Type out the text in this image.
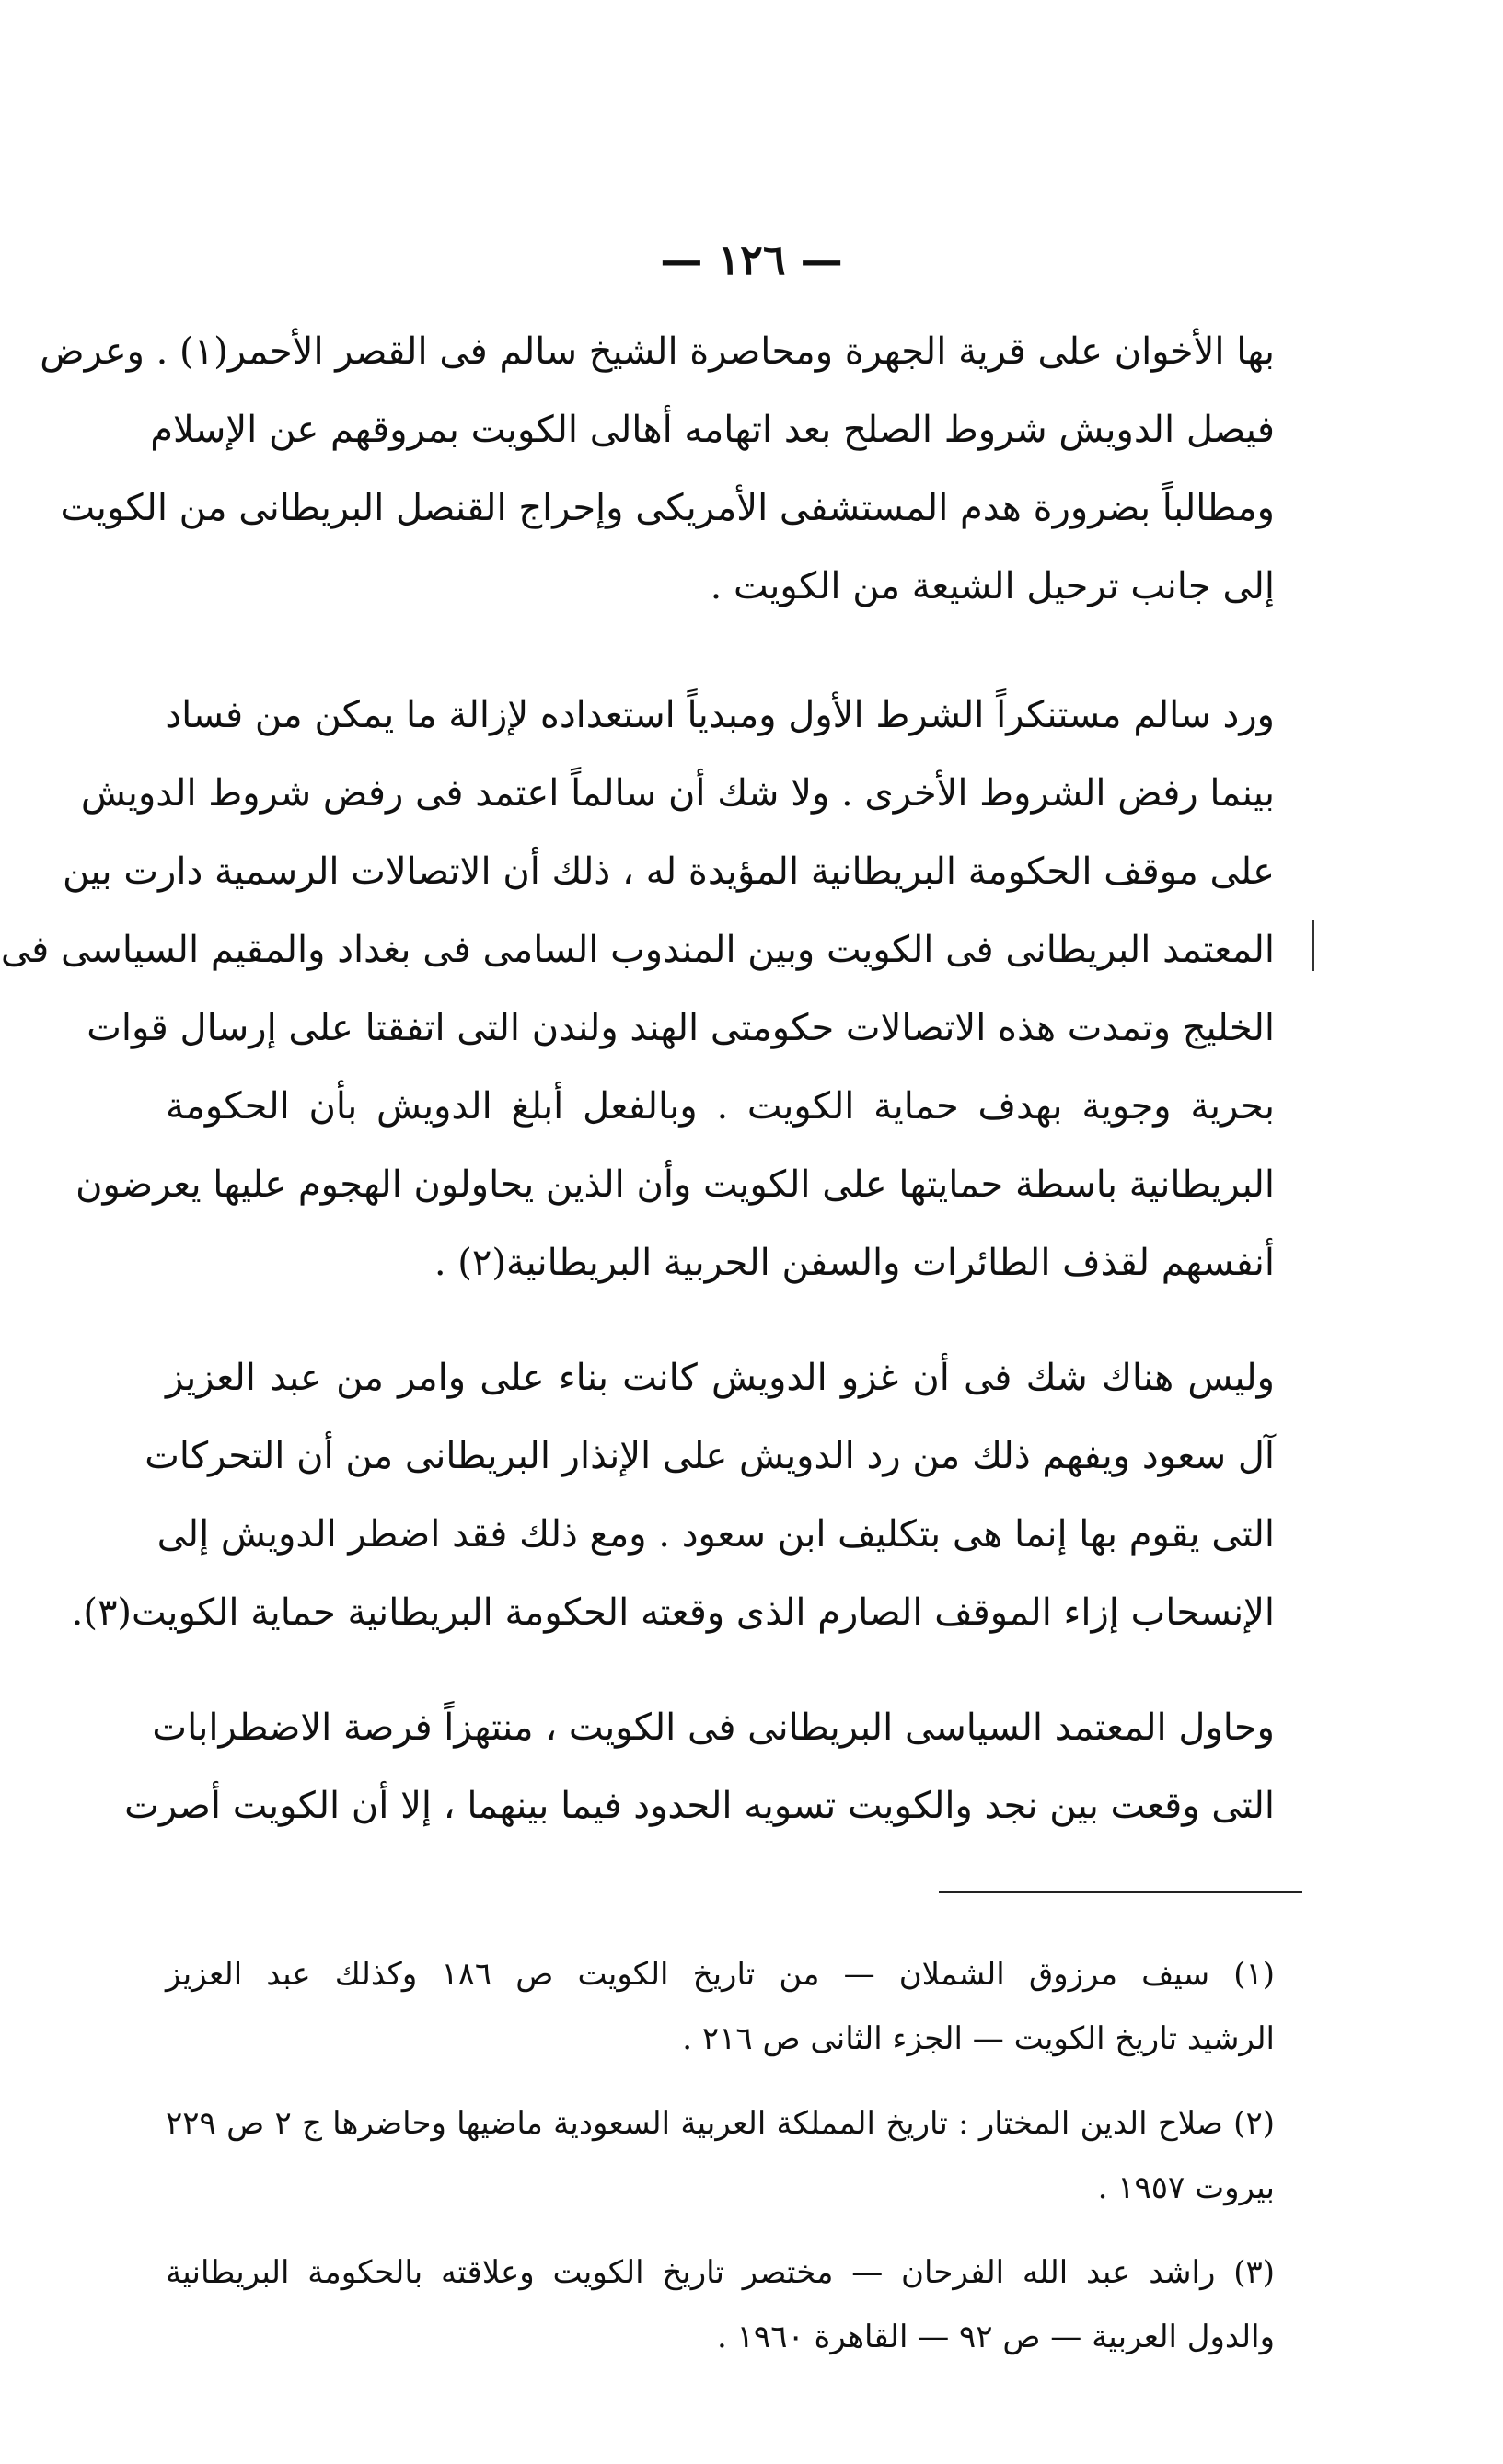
— ١٢٦ —
بها الأخوان على قرية الجهرة ومحاصرة الشيخ سالم فى القصر الأحمر(١) . وعرض
فيصل الدويش شروط الصلح بعد اتهامه أهالى الكويت بمروقهم عن الإسلام
ومطالباً بضرورة هدم المستشفى الأمريكى وإحراج القنصل البريطانى من الكويت
إلى جانب ترحيل الشيعة من الكويت .
ورد سالم مستنكراً الشرط الأول ومبدياً استعداده لإزالة ما يمكن من فساد
بينما رفض الشروط الأخرى . ولا شك أن سالماً اعتمد فى رفض شروط الدويش
على موقف الحكومة البريطانية المؤيدة له ، ذلك أن الاتصالات الرسمية دارت بين
المعتمد البريطانى فى الكويت وبين المندوب السامى فى بغداد والمقيم السياسى فى
الخليج وتمدت هذه الاتصالات حكومتى الهند ولندن التى اتفقتا على إرسال قوات
بحرية وجوية بهدف حماية الكويت . وبالفعل أبلغ الدويش بأن الحكومة
البريطانية باسطة حمايتها على الكويت وأن الذين يحاولون الهجوم عليها يعرضون
أنفسهم لقذف الطائرات والسفن الحربية البريطانية(٢) .
وليس هناك شك فى أن غزو الدويش كانت بناء على وامر من عبد العزيز
آل سعود ويفهم ذلك من رد الدويش على الإنذار البريطانى من أن التحركات
التى يقوم بها إنما هى بتكليف ابن سعود . ومع ذلك فقد اضطر الدويش إلى
الإنسحاب إزاء الموقف الصارم الذى وقعته الحكومة البريطانية حماية الكويت(٣).
وحاول المعتمد السياسى البريطانى فى الكويت ، منتهزاً فرصة الاضطرابات
التى وقعت بين نجد والكويت تسويه الحدود فيما بينهما ، إلا أن الكويت أصرت
(١) سيف مرزوق الشملان — من تاريخ الكويت ص ١٨٦ وكذلك عبد العزيز
الرشيد تاريخ الكويت — الجزء الثانى ص ٢١٦ .
(٢) صلاح الدين المختار : تاريخ المملكة العربية السعودية ماضيها وحاضرها ج ٢ ص ٢٢٩
بيروت ١٩٥٧ .
(٣) راشد عبد الله الفرحان — مختصر تاريخ الكويت وعلاقته بالحكومة البريطانية
والدول العربية — ص ٩٢ — القاهرة ١٩٦٠ .
